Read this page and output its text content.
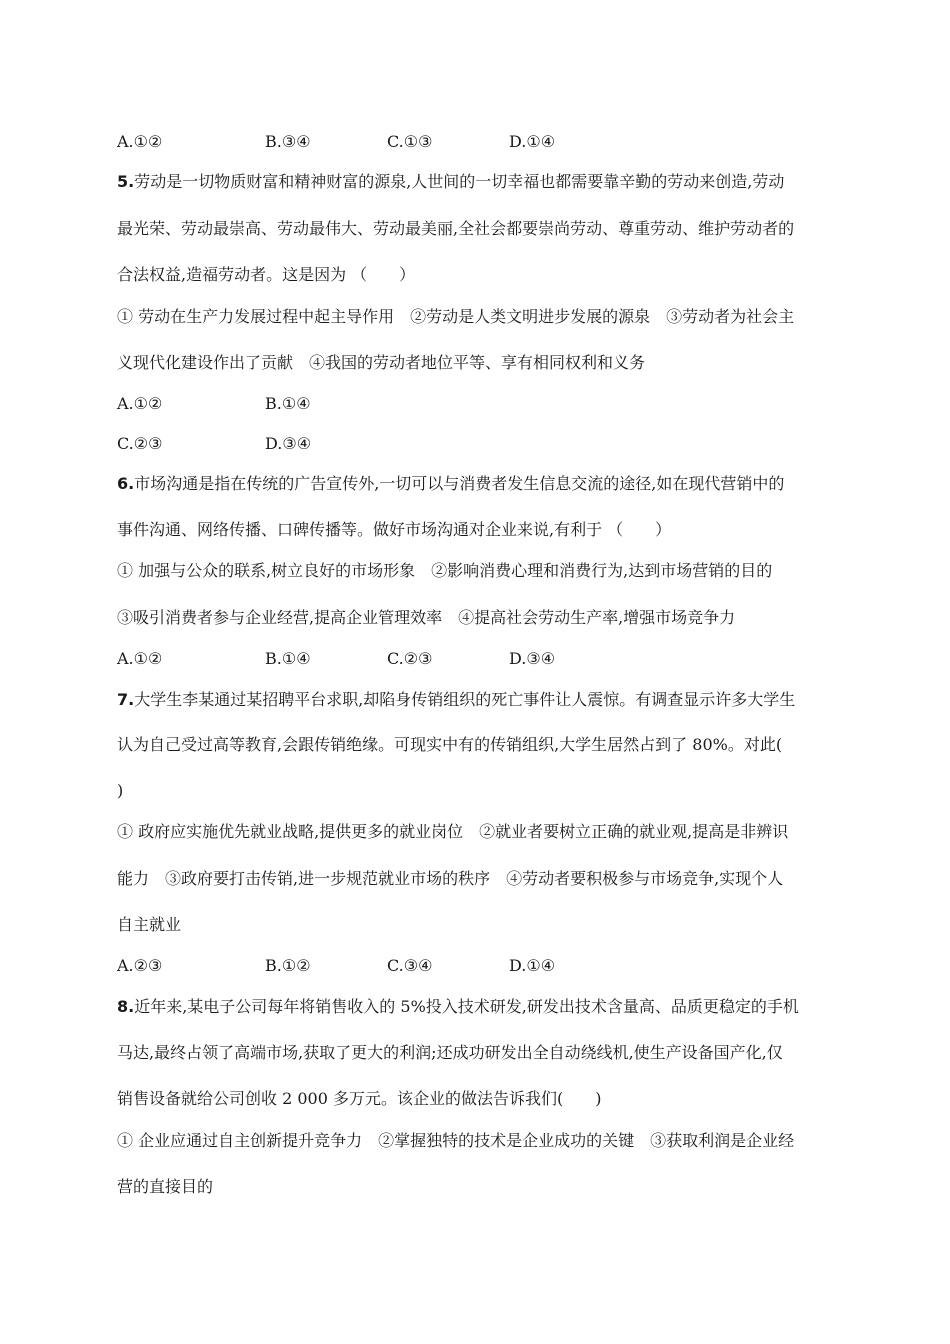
A.①②	B.③④	C.①③	D.①④
5.劳动是一切物质财富和精神财富的源泉,人世间的一切幸福也都需要靠辛勤的劳动来创造,劳动
最光荣、劳动最崇高、劳动最伟大、劳动最美丽,全社会都要崇尚劳动、尊重劳动、维护劳动者的
合法权益,造福劳动者。这是因为 （　　）
① 劳动在生产力发展过程中起主导作用　②劳动是人类文明进步发展的源泉　③劳动者为社会主
义现代化建设作出了贡献　④我国的劳动者地位平等、享有相同权利和义务
A.①②	B.①④
C.②③	D.③④
6.市场沟通是指在传统的广告宣传外,一切可以与消费者发生信息交流的途径,如在现代营销中的
事件沟通、网络传播、口碑传播等。做好市场沟通对企业来说,有利于 （　　）
① 加强与公众的联系,树立良好的市场形象　②影响消费心理和消费行为,达到市场营销的目的
③吸引消费者参与企业经营,提高企业管理效率　④提高社会劳动生产率,增强市场竞争力
A.①②	B.①④	C.②③	D.③④
7.大学生李某通过某招聘平台求职,却陷身传销组织的死亡事件让人震惊。有调查显示许多大学生
认为自己受过高等教育,会跟传销绝缘。可现实中有的传销组织,大学生居然占到了 80%。对此(
)
① 政府应实施优先就业战略,提供更多的就业岗位　②就业者要树立正确的就业观,提高是非辨识
能力　③政府要打击传销,进一步规范就业市场的秩序　④劳动者要积极参与市场竞争,实现个人
自主就业
A.②③	B.①②	C.③④	D.①④
8.近年来,某电子公司每年将销售收入的 5%投入技术研发,研发出技术含量高、品质更稳定的手机
马达,最终占领了高端市场,获取了更大的利润;还成功研发出全自动绕线机,使生产设备国产化,仅
销售设备就给公司创收 2 000 多万元。该企业的做法告诉我们(　　)
① 企业应通过自主创新提升竞争力　②掌握独特的技术是企业成功的关键　③获取利润是企业经
营的直接目的
